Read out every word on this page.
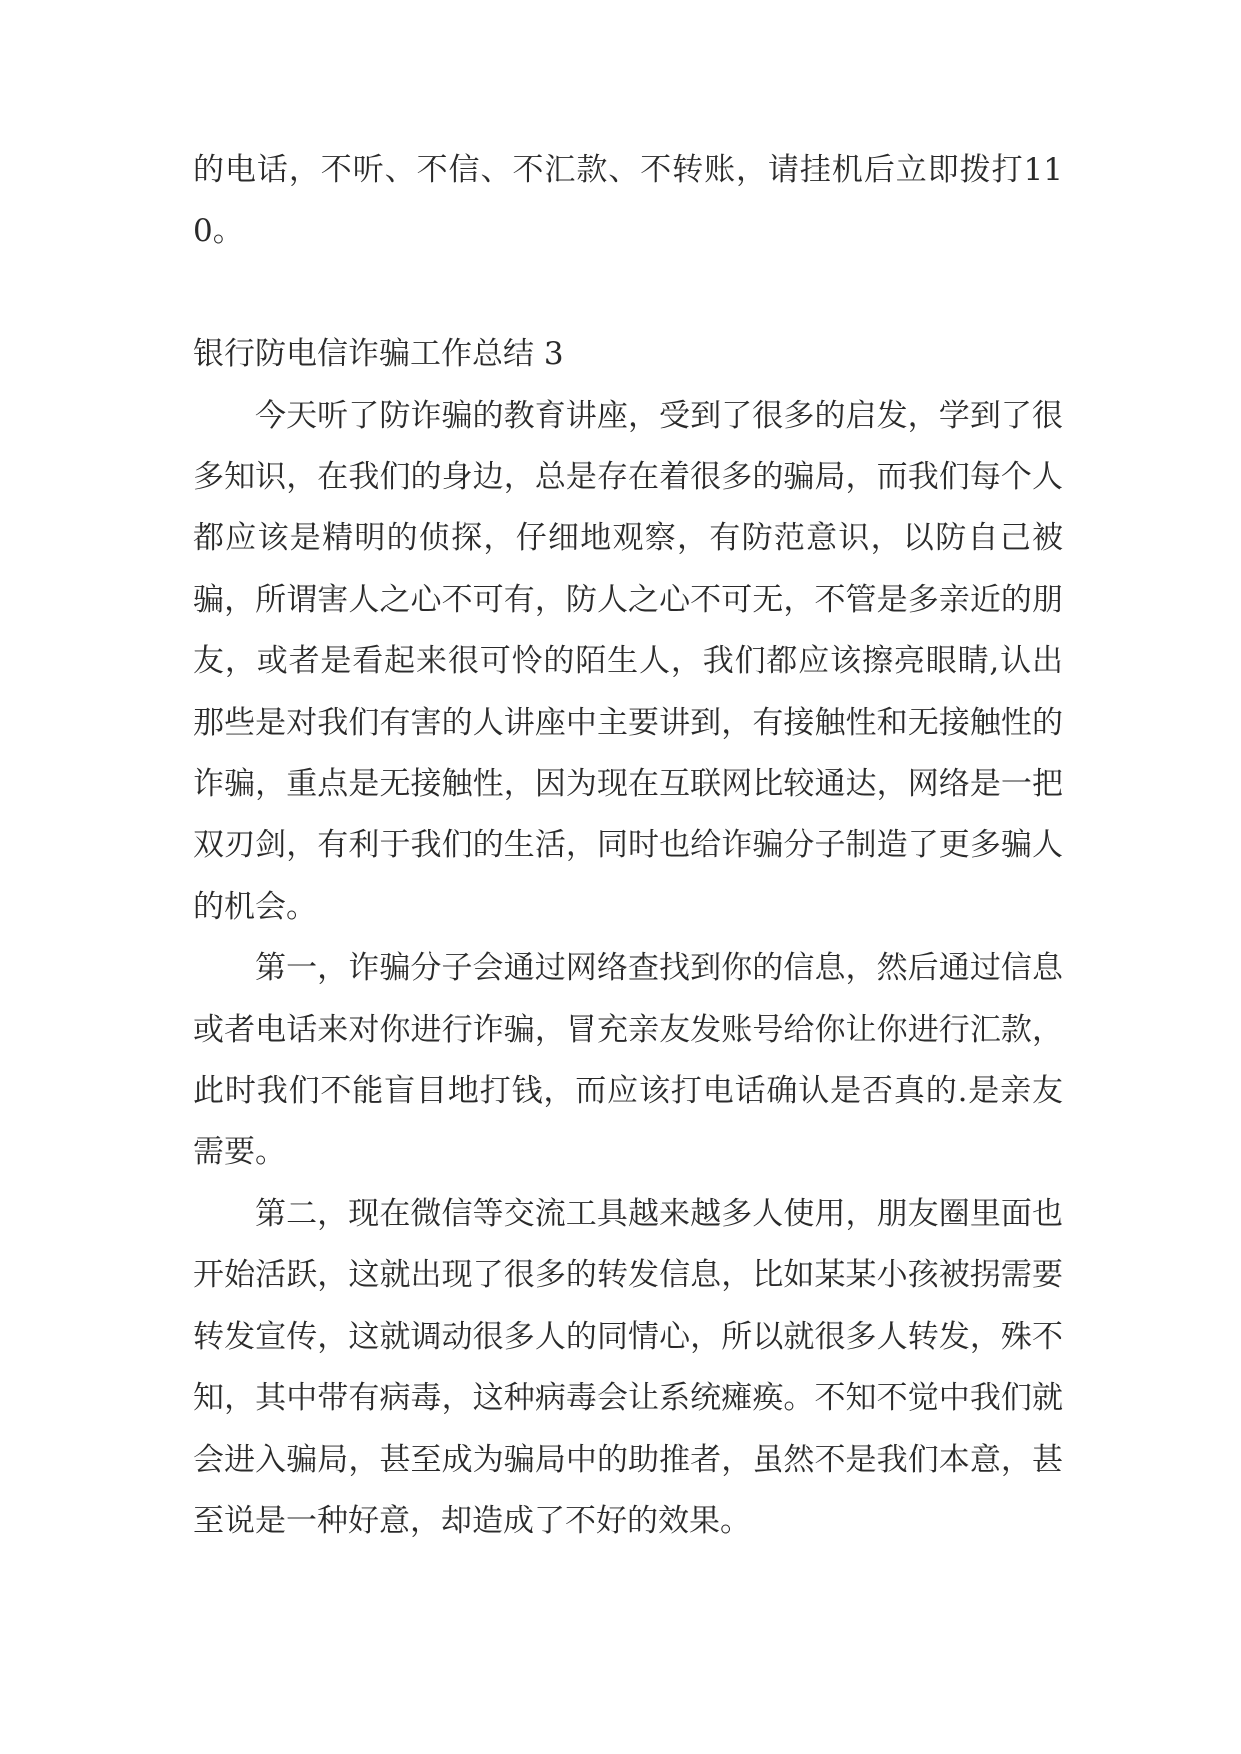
的电话，不听、不信、不汇款、不转账，请挂机后立即拨打110。

银行防电信诈骗工作总结 3

今天听了防诈骗的教育讲座，受到了很多的启发，学到了很多知识，在我们的身边，总是存在着很多的骗局，而我们每个人都应该是精明的侦探，仔细地观察，有防范意识，以防自己被骗，所谓害人之心不可有，防人之心不可无，不管是多亲近的朋友，或者是看起来很可怜的陌生人，我们都应该擦亮眼睛,认出那些是对我们有害的人讲座中主要讲到，有接触性和无接触性的诈骗，重点是无接触性，因为现在互联网比较通达，网络是一把双刃剑，有利于我们的生活，同时也给诈骗分子制造了更多骗人的机会。

第一，诈骗分子会通过网络查找到你的信息，然后通过信息或者电话来对你进行诈骗，冒充亲友发账号给你让你进行汇款，此时我们不能盲目地打钱，而应该打电话确认是否真的.是亲友需要。

第二，现在微信等交流工具越来越多人使用，朋友圈里面也开始活跃，这就出现了很多的转发信息，比如某某小孩被拐需要转发宣传，这就调动很多人的同情心，所以就很多人转发，殊不知，其中带有病毒，这种病毒会让系统瘫痪。不知不觉中我们就会进入骗局，甚至成为骗局中的助推者，虽然不是我们本意，甚至说是一种好意，却造成了不好的效果。
